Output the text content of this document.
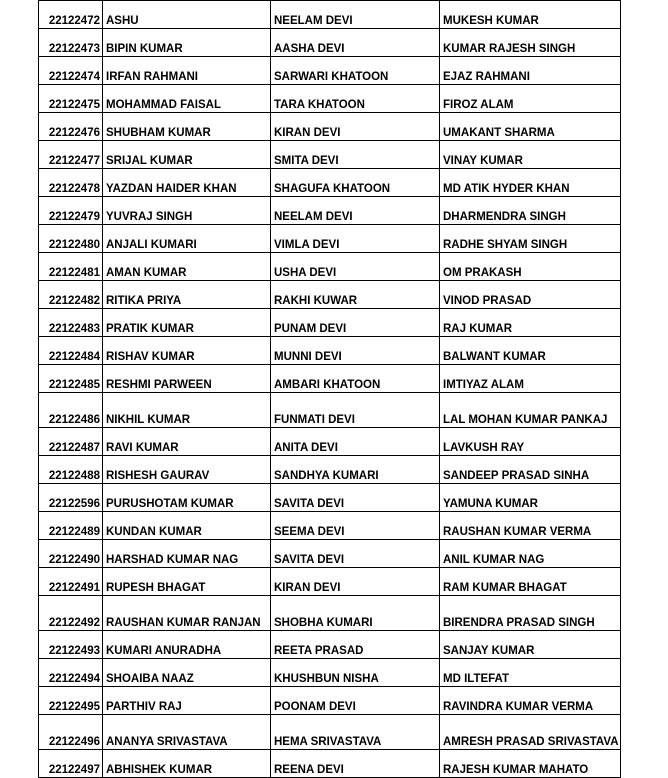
22122472	ASHU	NEELAM DEVI	MUKESH KUMAR
22122473	BIPIN KUMAR	AASHA DEVI	KUMAR RAJESH SINGH
22122474	IRFAN RAHMANI	SARWARI KHATOON	EJAZ RAHMANI
22122475	MOHAMMAD FAISAL	TARA KHATOON	FIROZ ALAM
22122476	SHUBHAM KUMAR	KIRAN DEVI	UMAKANT SHARMA
22122477	SRIJAL KUMAR	SMITA DEVI	VINAY KUMAR
22122478	YAZDAN HAIDER KHAN	SHAGUFA KHATOON	MD ATIK HYDER KHAN
22122479	YUVRAJ SINGH	NEELAM DEVI	DHARMENDRA SINGH
22122480	ANJALI KUMARI	VIMLA DEVI	RADHE SHYAM SINGH
22122481	AMAN KUMAR	USHA DEVI	OM PRAKASH
22122482	RITIKA PRIYA	RAKHI KUWAR	VINOD PRASAD
22122483	PRATIK KUMAR	PUNAM DEVI	RAJ KUMAR
22122484	RISHAV KUMAR	MUNNI DEVI	BALWANT KUMAR
22122485	RESHMI PARWEEN	AMBARI KHATOON	IMTIYAZ ALAM
22122486	NIKHIL KUMAR	FUNMATI DEVI	LAL MOHAN KUMAR PANKAJ
22122487	RAVI KUMAR	ANITA DEVI	LAVKUSH RAY
22122488	RISHESH GAURAV	SANDHYA KUMARI	SANDEEP PRASAD SINHA
22122596	PURUSHOTAM KUMAR	SAVITA DEVI	YAMUNA KUMAR
22122489	KUNDAN KUMAR	SEEMA DEVI	RAUSHAN KUMAR VERMA
22122490	HARSHAD KUMAR NAG	SAVITA DEVI	ANIL KUMAR NAG
22122491	RUPESH BHAGAT	KIRAN DEVI	RAM KUMAR BHAGAT
22122492	RAUSHAN KUMAR RANJAN	SHOBHA KUMARI	BIRENDRA PRASAD SINGH
22122493	KUMARI ANURADHA	REETA PRASAD	SANJAY KUMAR
22122494	SHOAIBA NAAZ	KHUSHBUN NISHA	MD ILTEFAT
22122495	PARTHIV RAJ	POONAM DEVI	RAVINDRA KUMAR VERMA
22122496	ANANYA SRIVASTAVA	HEMA SRIVASTAVA	AMRESH PRASAD SRIVASTAVA
22122497	ABHISHEK KUMAR	REENA DEVI	RAJESH KUMAR MAHATO
